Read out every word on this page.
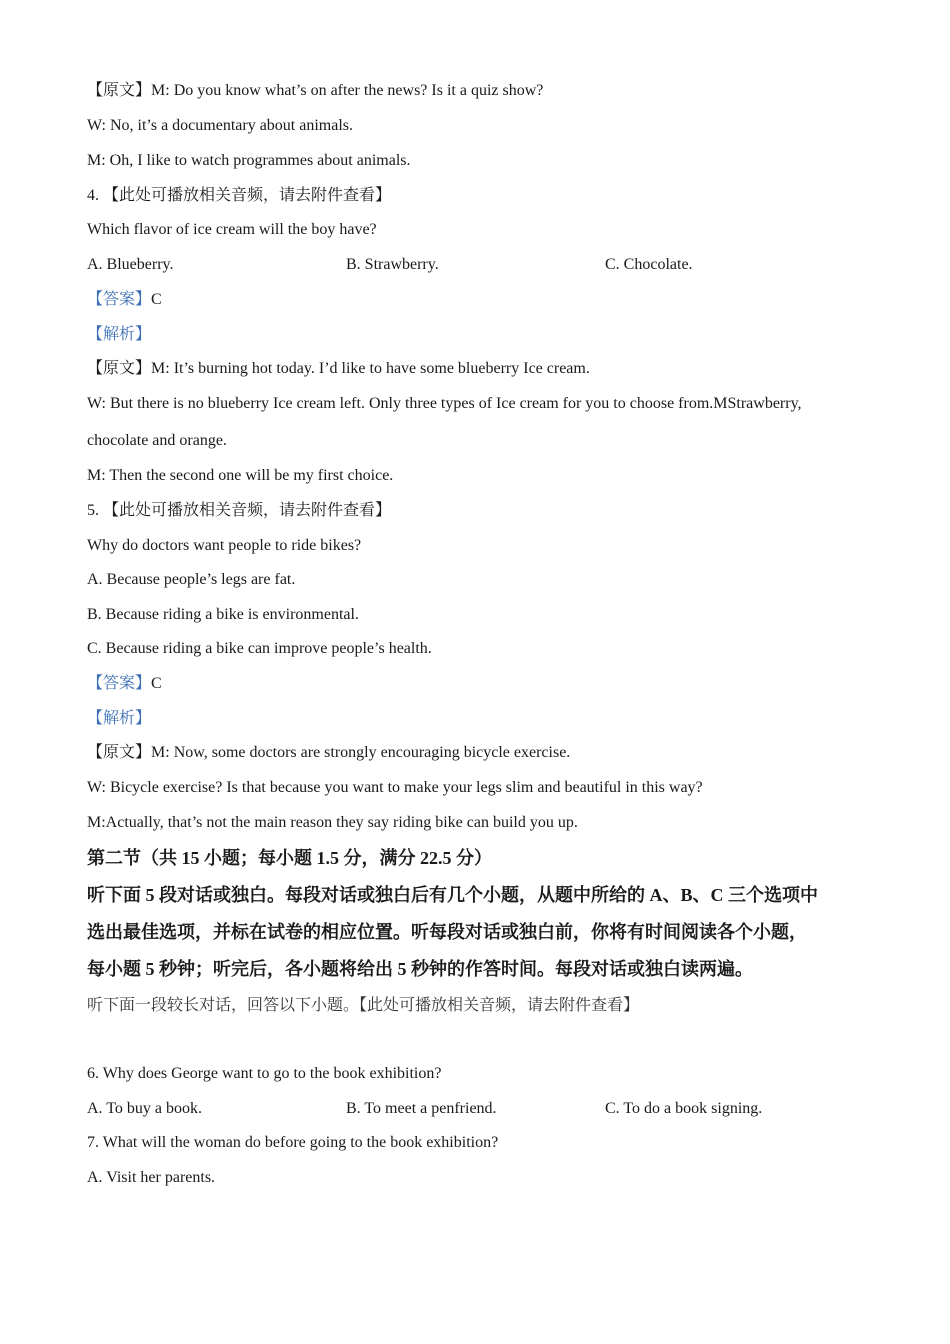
【原文】M: Do you know what’s on after the news? Is it a quiz show?
W: No, it’s a documentary about animals.
M: Oh, I like to watch programmes about animals.
4. 【此处可播放相关音频，请去附件查看】
Which flavor of ice cream will the boy have?
A. Blueberry.	B. Strawberry.	C. Chocolate.
【答案】C
【解析】
【原文】M: It’s burning hot today. I’d like to have some blueberry Ice cream.
W: But there is no blueberry Ice cream left. Only three types of Ice cream for you to choose from.MStrawberry,
chocolate and orange.
M: Then the second one will be my first choice.
5. 【此处可播放相关音频，请去附件查看】
Why do doctors want people to ride bikes?
A. Because people’s legs are fat.
B. Because riding a bike is environmental.
C. Because riding a bike can improve people’s health.
【答案】C
【解析】
【原文】M: Now, some doctors are strongly encouraging bicycle exercise.
W: Bicycle exercise? Is that because you want to make your legs slim and beautiful in this way?
M:Actually, that’s not the main reason they say riding bike can build you up.
第二节（共 15 小题；每小题 1.5 分，满分 22.5 分）
听下面 5 段对话或独白。每段对话或独白后有几个小题，从题中所给的 A、B、C 三个选项中
选出最佳选项，并标在试卷的相应位置。听每段对话或独白前，你将有时间阅读各个小题，
每小题 5 秒钟；听完后，各小题将给出 5 秒钟的作答时间。每段对话或独白读两遍。
听下面一段较长对话，回答以下小题。【此处可播放相关音频，请去附件查看】
6. Why does George want to go to the book exhibition?
A. To buy a book.	B. To meet a penfriend.	C. To do a book signing.
7. What will the woman do before going to the book exhibition?
A. Visit her parents.
